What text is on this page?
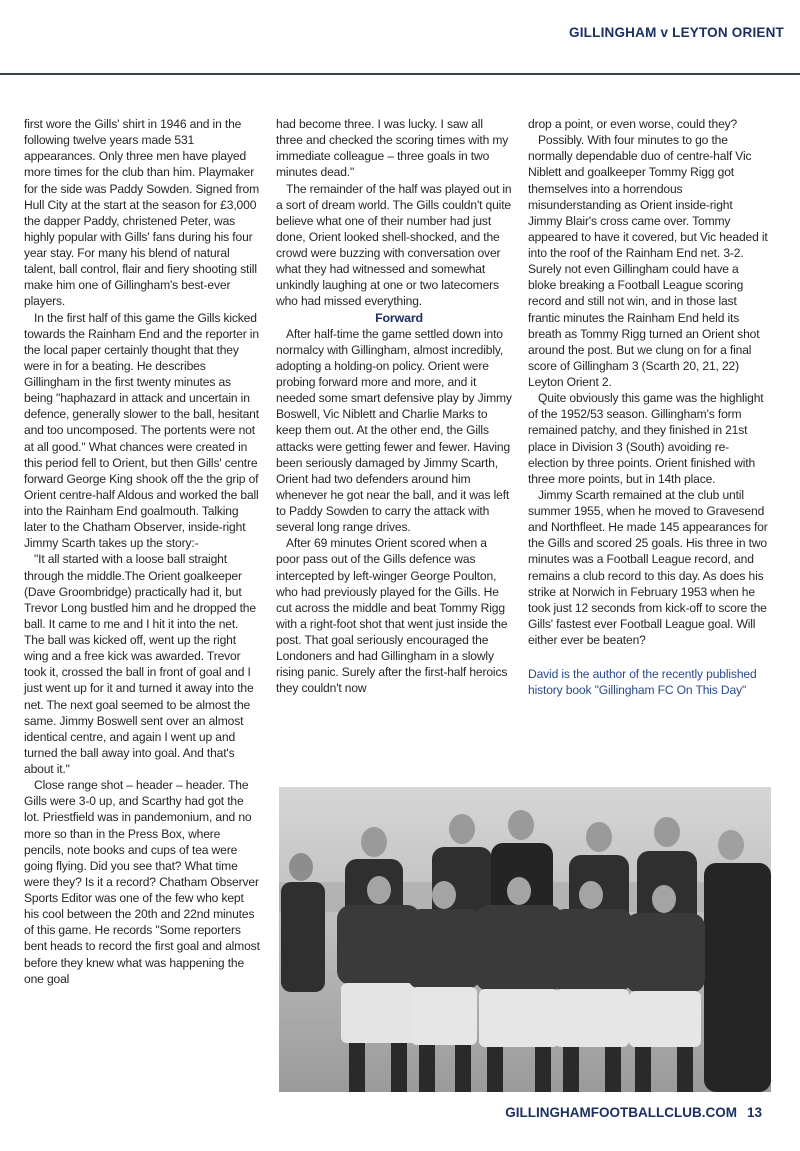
GILLINGHAM v LEYTON ORIENT

first wore the Gills' shirt in 1946 and in the following twelve years made 531 appearances. Only three men have played more times for the club than him. Playmaker for the side was Paddy Sowden. Signed from Hull City at the start at the season for £3,000 the dapper Paddy, christened Peter, was highly popular with Gills' fans during his four year stay. For many his blend of natural talent, ball control, flair and fiery shooting still make him one of Gillingham's best-ever players.

In the first half of this game the Gills kicked towards the Rainham End and the reporter in the local paper certainly thought that they were in for a beating. He describes Gillingham in the first twenty minutes as being "haphazard in attack and uncertain in defence, generally slower to the ball, hesitant and too uncomposed. The portents were not at all good." What chances were created in this period fell to Orient, but then Gills' centre forward George King shook off the the grip of Orient centre-half Aldous and worked the ball into the Rainham End goalmouth. Talking later to the Chatham Observer, inside-right Jimmy Scarth takes up the story:-

"It all started with a loose ball straight through the middle.The Orient goalkeeper (Dave Groombridge) practically had it, but Trevor Long bustled him and he dropped the ball. It came to me and I hit it into the net. The ball was kicked off, went up the right wing and a free kick was awarded. Trevor took it, crossed the ball in front of goal and I just went up for it and turned it away into the net. The next goal seemed to be almost the same. Jimmy Boswell sent over an almost identical centre, and again I went up and turned the ball away into goal. And that's about it."

Close range shot – header – header. The Gills were 3-0 up, and Scarthy had got the lot. Priestfield was in pandemonium, and no more so than in the Press Box, where pencils, note books and cups of tea were going flying. Did you see that? What time were they? Is it a record? Chatham Observer Sports Editor was one of the few who kept his cool between the 20th and 22nd minutes of this game. He records "Some reporters bent heads to record the first goal and almost before they knew what was happening the one goal

had become three. I was lucky. I saw all three and checked the scoring times with my immediate colleague – three goals in two minutes dead."

The remainder of the half was played out in a sort of dream world. The Gills couldn't quite believe what one of their number had just done, Orient looked shell-shocked, and the crowd were buzzing with conversation over what they had witnessed and somewhat unkindly laughing at one or two latecomers who had missed everything.

Forward

After half-time the game settled down into normalcy with Gillingham, almost incredibly, adopting a holding-on policy. Orient were probing forward more and more, and it needed some smart defensive play by Jimmy Boswell, Vic Niblett and Charlie Marks to keep them out. At the other end, the Gills attacks were getting fewer and fewer. Having been seriously damaged by Jimmy Scarth, Orient had two defenders around him whenever he got near the ball, and it was left to Paddy Sowden to carry the attack with several long range drives.

After 69 minutes Orient scored when a poor pass out of the Gills defence was intercepted by left-winger George Poulton, who had previously played for the Gills. He cut across the middle and beat Tommy Rigg with a right-foot shot that went just inside the post. That goal seriously encouraged the Londoners and had Gillingham in a slowly rising panic. Surely after the first-half heroics they couldn't now

drop a point, or even worse, could they?

Possibly. With four minutes to go the normally dependable duo of centre-half Vic Niblett and goalkeeper Tommy Rigg got themselves into a horrendous misunderstanding as Orient inside-right Jimmy Blair's cross came over. Tommy appeared to have it covered, but Vic headed it into the roof of the Rainham End net. 3-2. Surely not even Gillingham could have a bloke breaking a Football League scoring record and still not win, and in those last frantic minutes the Rainham End held its breath as Tommy Rigg turned an Orient shot around the post. But we clung on for a final score of Gillingham 3 (Scarth 20, 21, 22) Leyton Orient 2.

Quite obviously this game was the highlight of the 1952/53 season. Gillingham's form remained patchy, and they finished in 21st place in Division 3 (South) avoiding re-election by three points. Orient finished with three more points, but in 14th place.

Jimmy Scarth remained at the club until summer 1955, when he moved to Gravesend and Northfleet. He made 145 appearances for the Gills and scored 25 goals. His three in two minutes was a Football League record, and remains a club record to this day. As does his strike at Norwich in February 1953 when he took just 12 seconds from kick-off to score the Gills' fastest ever Football League goal. Will either ever be beaten?

David is the author of the recently published history book "Gillingham FC On This Day"

GILLINGHAMFOOTBALLCLUB.COM 13
